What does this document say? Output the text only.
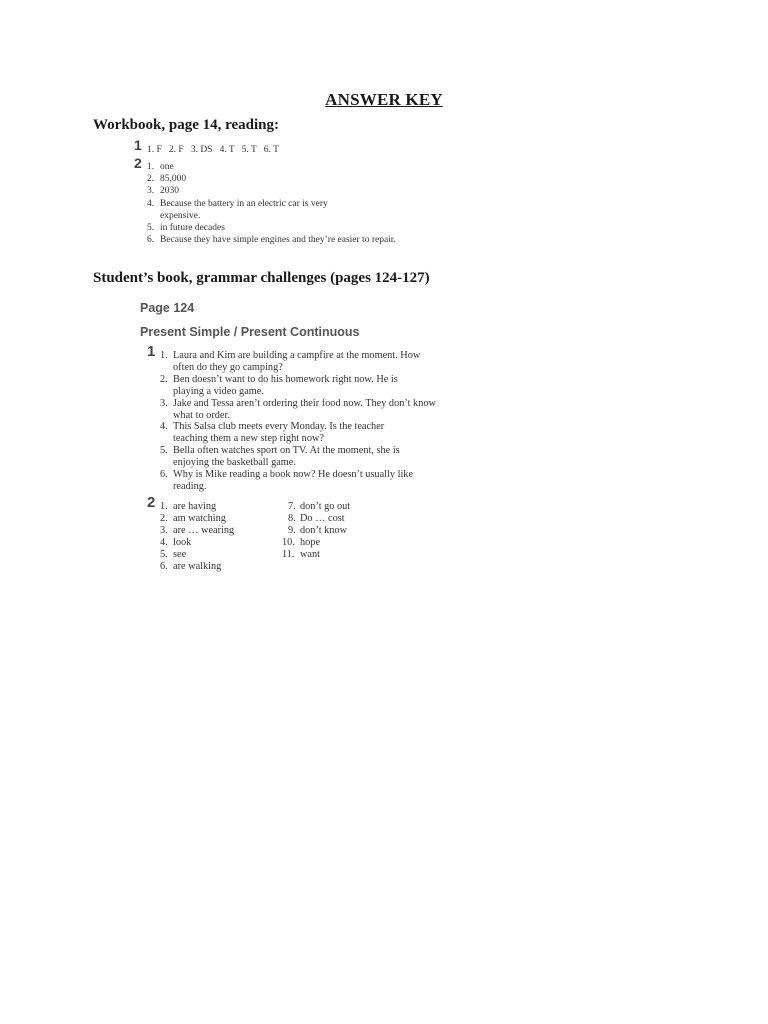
ANSWER KEY
Workbook, page 14, reading:
1 1. F   2. F   3. DS   4. T   5. T   6. T
2 1. one
2. 85,000
3. 2030
4. Because the battery in an electric car is very expensive.
5. in future decades
6. Because they have simple engines and they’re easier to repair.
Student’s book, grammar challenges (pages 124-127)
Page 124
Present Simple / Present Continuous
1 1. Laura and Kim are building a campfire at the moment. How often do they go camping?
2. Ben doesn’t want to do his homework right now. He is playing a video game.
3. Jake and Tessa aren’t ordering their food now. They don’t know what to order.
4. This Salsa club meets every Monday. Is the teacher teaching them a new step right now?
5. Bella often watches sport on TV. At the moment, she is enjoying the basketball game.
6. Why is Mike reading a book now? He doesn’t usually like reading.
2 1. are having
2. am watching
3. are … wearing
4. look
5. see
6. are walking
7. don’t go out
8. Do … cost
9. don’t know
10. hope
11. want
